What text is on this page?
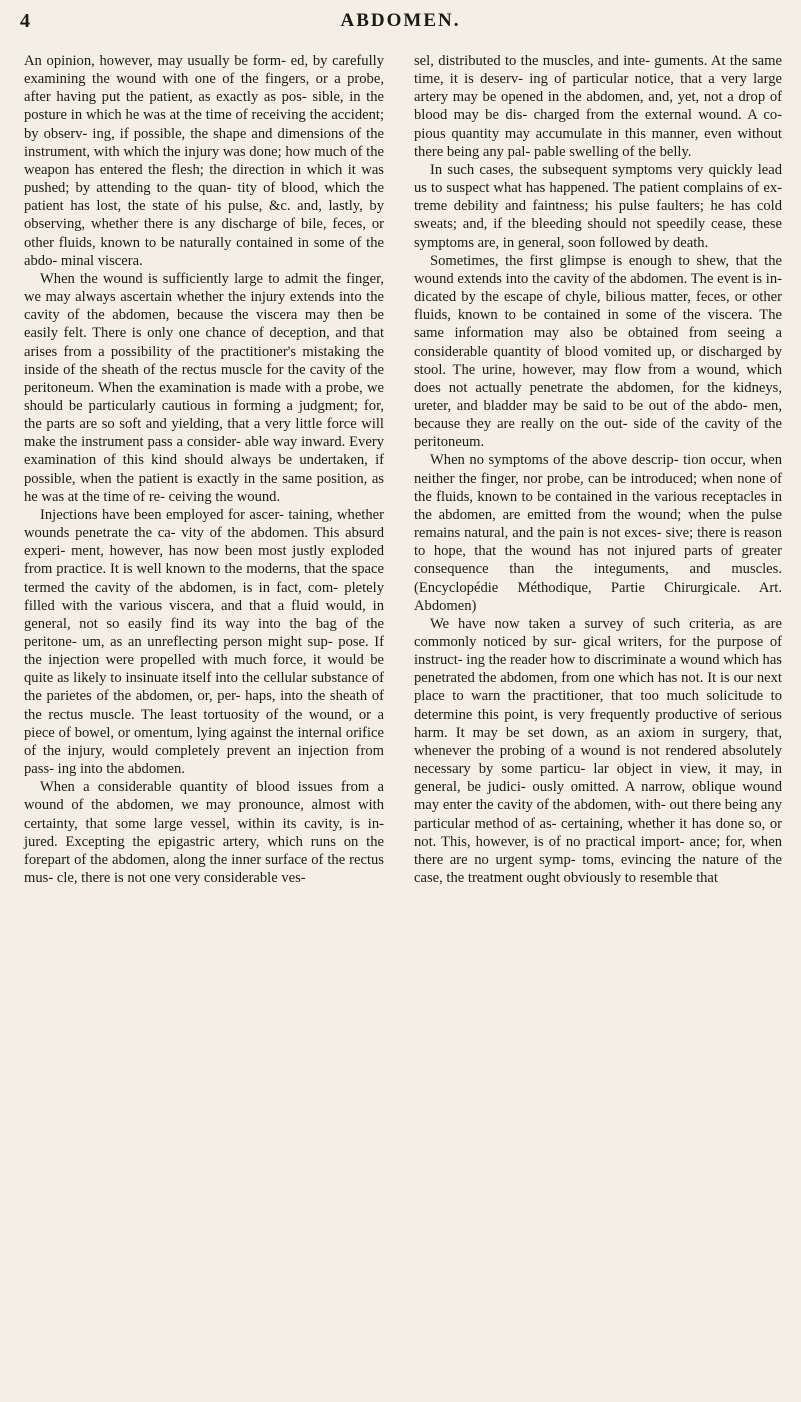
4	ABDOMEN.

An opinion, however, may usually be form- ed, by carefully examining the wound with one of the fingers, or a probe, after having put the patient, as exactly as pos- sible, in the posture in which he was at the time of receiving the accident; by observ- ing, if possible, the shape and dimensions of the instrument, with which the injury was done; how much of the weapon has entered the flesh; the direction in which it was pushed; by attending to the quan- tity of blood, which the patient has lost, the state of his pulse, &c. and, lastly, by observing, whether there is any discharge of bile, feces, or other fluids, known to be naturally contained in some of the abdo- minal viscera.

When the wound is sufficiently large to admit the finger, we may always ascertain whether the injury extends into the cavity of the abdomen, because the viscera may then be easily felt. There is only one chance of deception, and that arises from a possibility of the practitioner's mistaking the inside of the sheath of the rectus muscle for the cavity of the peritoneum. When the examination is made with a probe, we should be particularly cautious in forming a judgment; for, the parts are so soft and yielding, that a very little force will make the instrument pass a consider- able way inward. Every examination of this kind should always be undertaken, if possible, when the patient is exactly in the same position, as he was at the time of re- ceiving the wound.

Injections have been employed for ascer- taining, whether wounds penetrate the ca- vity of the abdomen. This absurd experi- ment, however, has now been most justly exploded from practice. It is well known to the moderns, that the space termed the cavity of the abdomen, is in fact, com- pletely filled with the various viscera, and that a fluid would, in general, not so easily find its way into the bag of the peritone- um, as an unreflecting person might sup- pose. If the injection were propelled with much force, it would be quite as likely to insinuate itself into the cellular substance of the parietes of the abdomen, or, per- haps, into the sheath of the rectus muscle. The least tortuosity of the wound, or a piece of bowel, or omentum, lying against the internal orifice of the injury, would completely prevent an injection from pass- ing into the abdomen.

When a considerable quantity of blood issues from a wound of the abdomen, we may pronounce, almost with certainty, that some large vessel, within its cavity, is in- jured. Excepting the epigastric artery, which runs on the forepart of the abdomen, along the inner surface of the rectus mus- cle, there is not one very considerable ves-

sel, distributed to the muscles, and inte- guments. At the same time, it is deserv- ing of particular notice, that a very large artery may be opened in the abdomen, and, yet, not a drop of blood may be dis- charged from the external wound. A co- pious quantity may accumulate in this manner, even without there being any pal- pable swelling of the belly.

In such cases, the subsequent symptoms very quickly lead us to suspect what has happened. The patient complains of ex- treme debility and faintness; his pulse faulters; he has cold sweats; and, if the bleeding should not speedily cease, these symptoms are, in general, soon followed by death.

Sometimes, the first glimpse is enough to shew, that the wound extends into the cavity of the abdomen. The event is in- dicated by the escape of chyle, bilious matter, feces, or other fluids, known to be contained in some of the viscera. The same information may also be obtained from seeing a considerable quantity of blood vomited up, or discharged by stool. The urine, however, may flow from a wound, which does not actually penetrate the abdomen, for the kidneys, ureter, and bladder may be said to be out of the abdo- men, because they are really on the out- side of the cavity of the peritoneum.

When no symptoms of the above descrip- tion occur, when neither the finger, nor probe, can be introduced; when none of the fluids, known to be contained in the various receptacles in the abdomen, are emitted from the wound; when the pulse remains natural, and the pain is not exces- sive; there is reason to hope, that the wound has not injured parts of greater consequence than the integuments, and muscles. (Encyclopédie Méthodique, Partie Chirurgicale. Art. Abdomen)

We have now taken a survey of such criteria, as are commonly noticed by sur- gical writers, for the purpose of instruct- ing the reader how to discriminate a wound which has penetrated the abdomen, from one which has not. It is our next place to warn the practitioner, that too much solicitude to determine this point, is very frequently productive of serious harm. It may be set down, as an axiom in surgery, that, whenever the probing of a wound is not rendered absolutely necessary by some particu- lar object in view, it may, in general, be judici- ously omitted. A narrow, oblique wound may enter the cavity of the abdomen, with- out there being any particular method of as- certaining, whether it has done so, or not. This, however, is of no practical import- ance; for, when there are no urgent symp- toms, evincing the nature of the case, the treatment ought obviously to resemble that
